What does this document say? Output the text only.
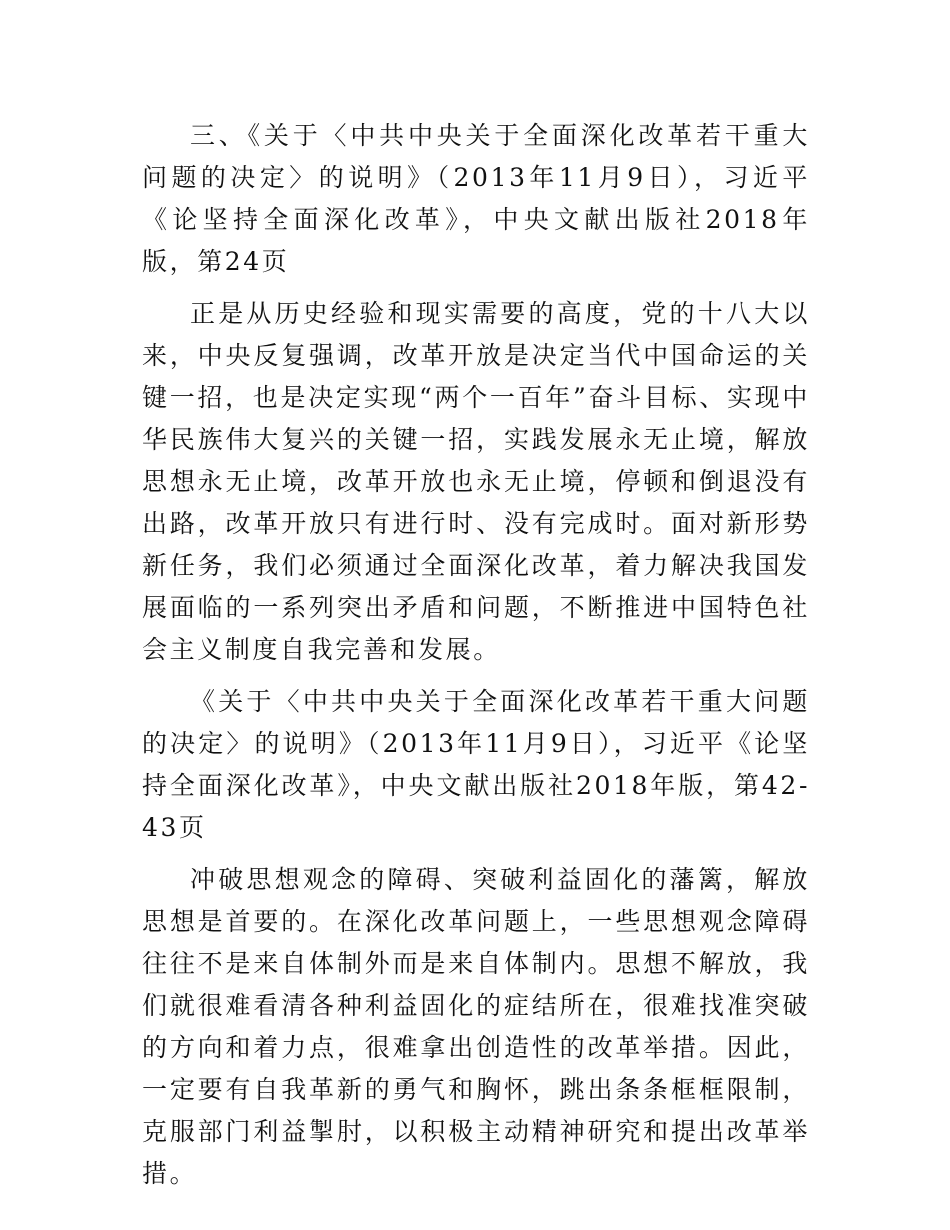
三、《关于〈中共中央关于全面深化改革若干重大问题的决定〉的说明》（2013年11月9日），习近平《论坚持全面深化改革》，中央文献出版社2018年版，第24页

正是从历史经验和现实需要的高度，党的十八大以来，中央反复强调，改革开放是决定当代中国命运的关键一招，也是决定实现“两个一百年”奋斗目标、实现中华民族伟大复兴的关键一招，实践发展永无止境，解放思想永无止境，改革开放也永无止境，停顿和倒退没有出路，改革开放只有进行时、没有完成时。面对新形势新任务，我们必须通过全面深化改革，着力解决我国发展面临的一系列突出矛盾和问题，不断推进中国特色社会主义制度自我完善和发展。

《关于〈中共中央关于全面深化改革若干重大问题的决定〉的说明》（2013年11月9日），习近平《论坚持全面深化改革》，中央文献出版社2018年版，第42-43页

冲破思想观念的障碍、突破利益固化的藩篱，解放思想是首要的。在深化改革问题上，一些思想观念障碍往往不是来自体制外而是来自体制内。思想不解放，我们就很难看清各种利益固化的症结所在，很难找准突破的方向和着力点，很难拿出创造性的改革举措。因此，一定要有自我革新的勇气和胸怀，跳出条条框框限制，克服部门利益掣肘，以积极主动精神研究和提出改革举措。
